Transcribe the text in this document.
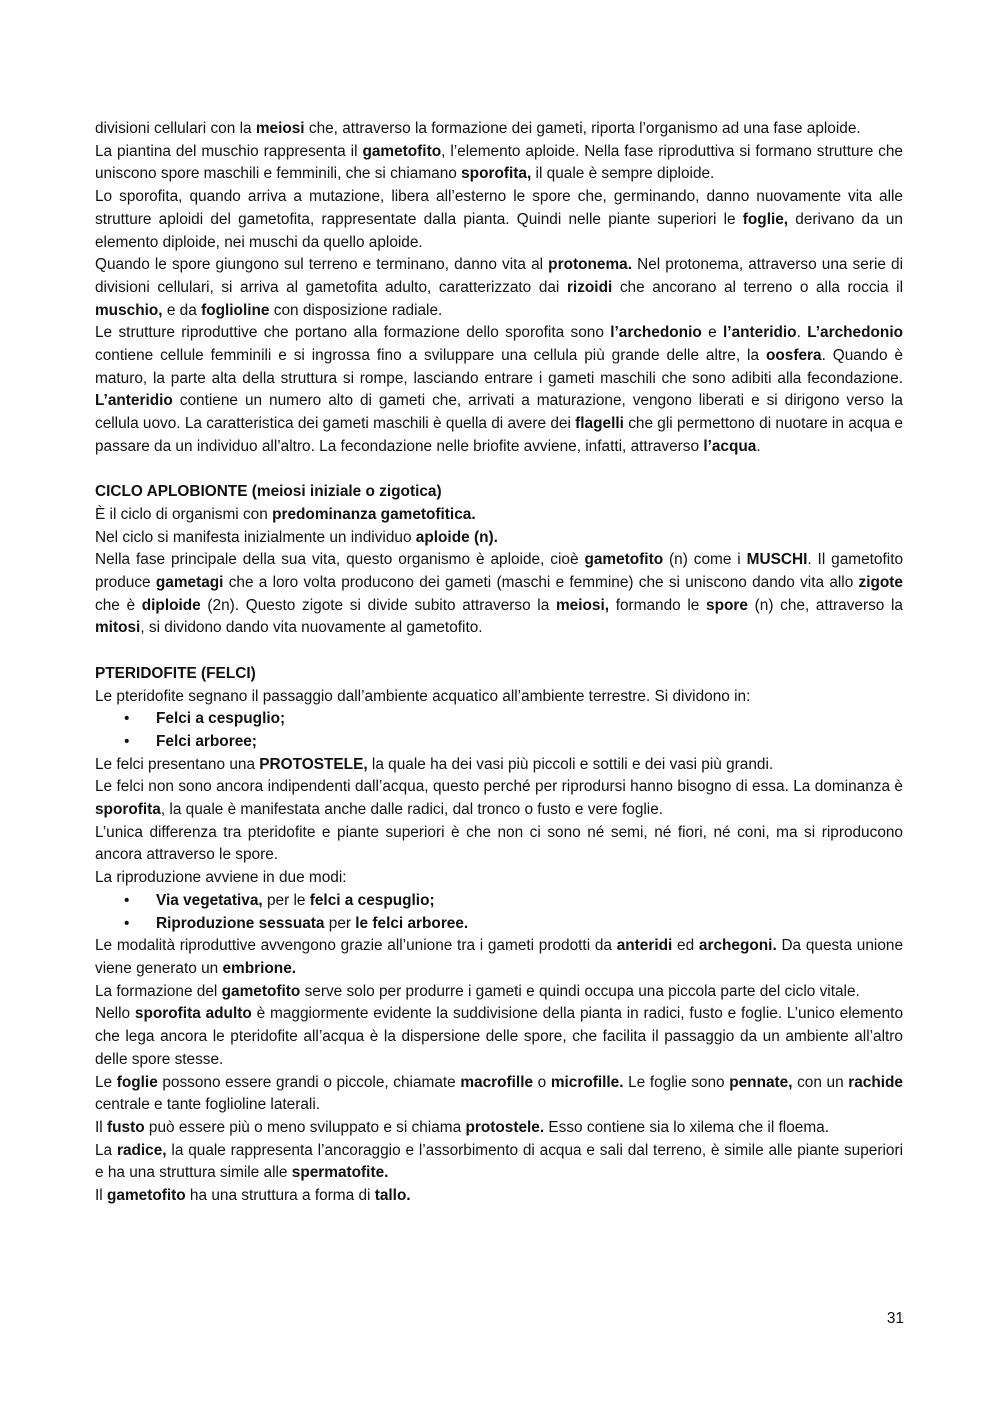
divisioni cellulari con la meiosi che, attraverso la formazione dei gameti, riporta l’organismo ad una fase aploide.

La piantina del muschio rappresenta il gametofito, l’elemento aploide. Nella fase riproduttiva si formano strutture che uniscono spore maschili e femminili, che si chiamano sporofita, il quale è sempre diploide.

Lo sporofita, quando arriva a mutazione, libera all’esterno le spore che, germinando, danno nuovamente vita alle strutture aploidi del gametofita, rappresentate dalla pianta. Quindi nelle piante superiori le foglie, derivano da un elemento diploide, nei muschi da quello aploide.

Quando le spore giungono sul terreno e terminano, danno vita al protonema. Nel protonema, attraverso una serie di divisioni cellulari, si arriva al gametofita adulto, caratterizzato dai rizoidi che ancorano al terreno o alla roccia il muschio, e da foglioline con disposizione radiale.

Le strutture riproduttive che portano alla formazione dello sporofita sono l’archedonio e l’anteridio. L’archedonio contiene cellule femminili e si ingrossa fino a sviluppare una cellula più grande delle altre, la oosfera. Quando è maturo, la parte alta della struttura si rompe, lasciando entrare i gameti maschili che sono adibiti alla fecondazione. L’anteridio contiene un numero alto di gameti che, arrivati a maturazione, vengono liberati e si dirigono verso la cellula uovo. La caratteristica dei gameti maschili è quella di avere dei flagelli che gli permettono di nuotare in acqua e passare da un individuo all’altro. La fecondazione nelle briofite avviene, infatti, attraverso l’acqua.

CICLO APLOBIONTE (meiosi iniziale o zigotica)

È il ciclo di organismi con predominanza gametofitica.

Nel ciclo si manifesta inizialmente un individuo aploide (n).

Nella fase principale della sua vita, questo organismo è aploide, cioè gametofito (n) come i MUSCHI. Il gametofito produce gametagi che a loro volta producono dei gameti (maschi e femmine) che si uniscono dando vita allo zigote che è diploide (2n). Questo zigote si divide subito attraverso la meiosi, formando le spore (n) che, attraverso la mitosi, si dividono dando vita nuovamente al gametofito.

PTERIDOFITE (FELCI)

Le pteridofite segnano il passaggio dall’ambiente acquatico all’ambiente terrestre. Si dividono in:

• Felci a cespuglio;
• Felci arboree;

Le felci presentano una PROTOSTELE, la quale ha dei vasi più piccoli e sottili e dei vasi più grandi.

Le felci non sono ancora indipendenti dall’acqua, questo perché per riprodursi hanno bisogno di essa. La dominanza è sporofita, la quale è manifestata anche dalle radici, dal tronco o fusto e vere foglie.

L’unica differenza tra pteridofite e piante superiori è che non ci sono né semi, né fiori, né coni, ma si riproducono ancora attraverso le spore.

La riproduzione avviene in due modi:

• Via vegetativa, per le felci a cespuglio;
• Riproduzione sessuata per le felci arboree.

Le modalità riproduttive avvengono grazie all’unione tra i gameti prodotti da anteridi ed archegoni. Da questa unione viene generato un embrione.

La formazione del gametofito serve solo per produrre i gameti e quindi occupa una piccola parte del ciclo vitale.

Nello sporofita adulto è maggiormente evidente la suddivisione della pianta in radici, fusto e foglie. L’unico elemento che lega ancora le pteridofite all’acqua è la dispersione delle spore, che facilita il passaggio da un ambiente all’altro delle spore stesse.

Le foglie possono essere grandi o piccole, chiamate macrofille o microfille. Le foglie sono pennate, con un rachide centrale e tante foglioline laterali.

Il fusto può essere più o meno sviluppato e si chiama protostele. Esso contiene sia lo xilema che il floema.

La radice, la quale rappresenta l’ancoraggio e l’assorbimento di acqua e sali dal terreno, è simile alle piante superiori e ha una struttura simile alle spermatofite.

Il gametofito ha una struttura a forma di tallo.

31
